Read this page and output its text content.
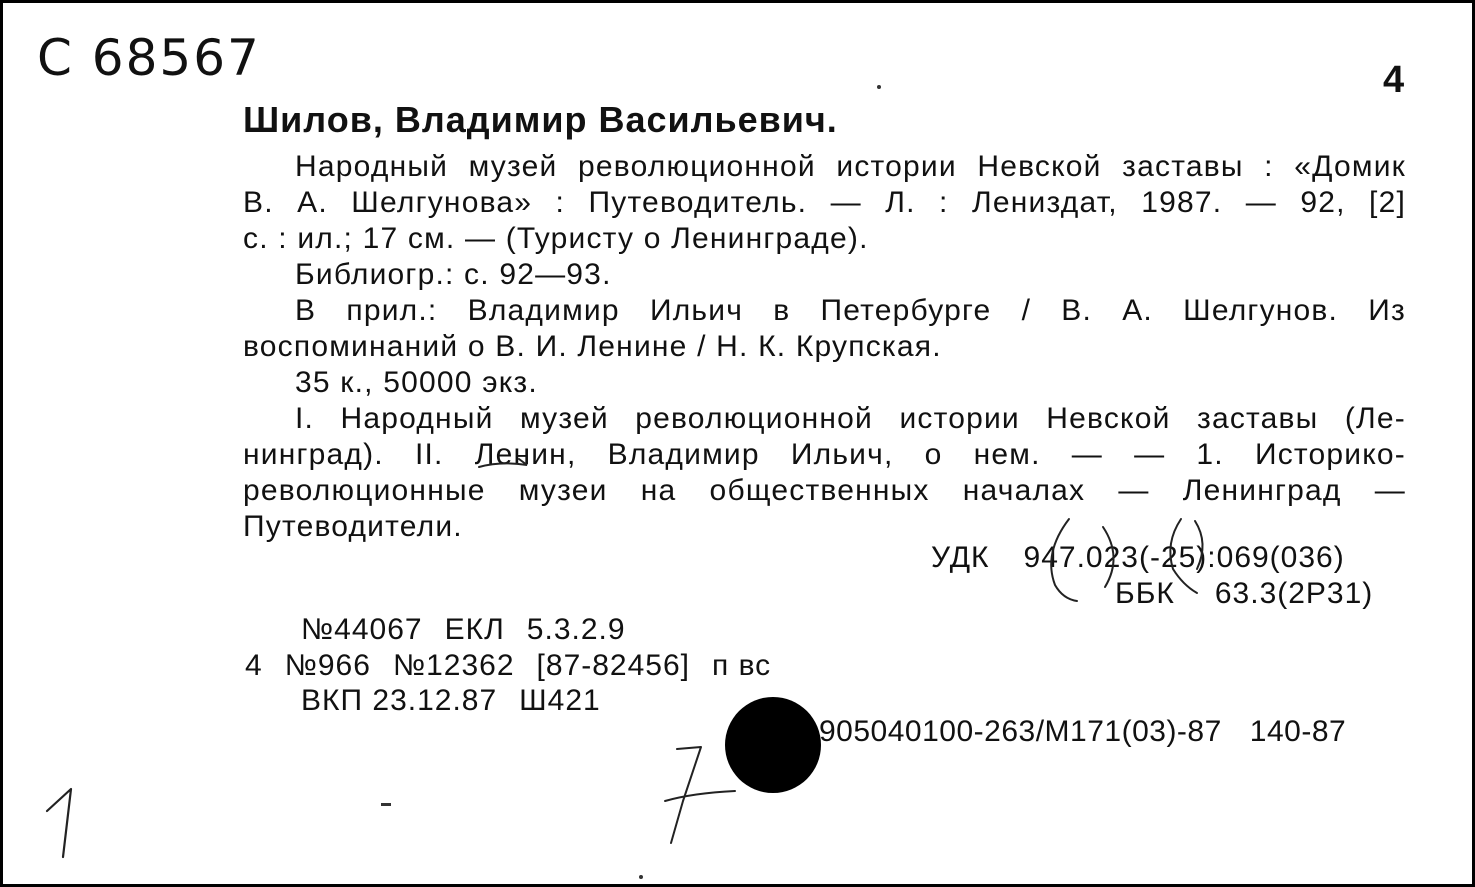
С 68567	4
Шилов, Владимир Васильевич.

Народный музей революционной истории Невской заставы : «Домик

В. А. Шелгунова» : Путеводитель. — Л. : Лениздат, 1987. — 92, [2]

с. : ил.; 17 см. — (Туристу о Ленинграде).

Библиогр.: с. 92—93.

В прил.: Владимир Ильич в Петербурге / В. А. Шелгунов. Из

воспоминаний о В. И. Ленине / Н. К. Крупская.

35 к., 50000 экз.

I. Народный музей революционной истории Невской заставы (Ле-

нинград). II. Ленин, Владимир Ильич, о нем. — — 1. Историко-

революционные музеи на общественных началах — Ленинград —

Путеводители.

УДК 947.023(-25):069(036)
ББК 63.3(2Р31)
№44067 ЕКЛ 5.3.2.9
4 №966 №12362 [87-82456] п вс
ВКП 23.12.87 Ш421
905040100-263/М171(03)-87 140-87
